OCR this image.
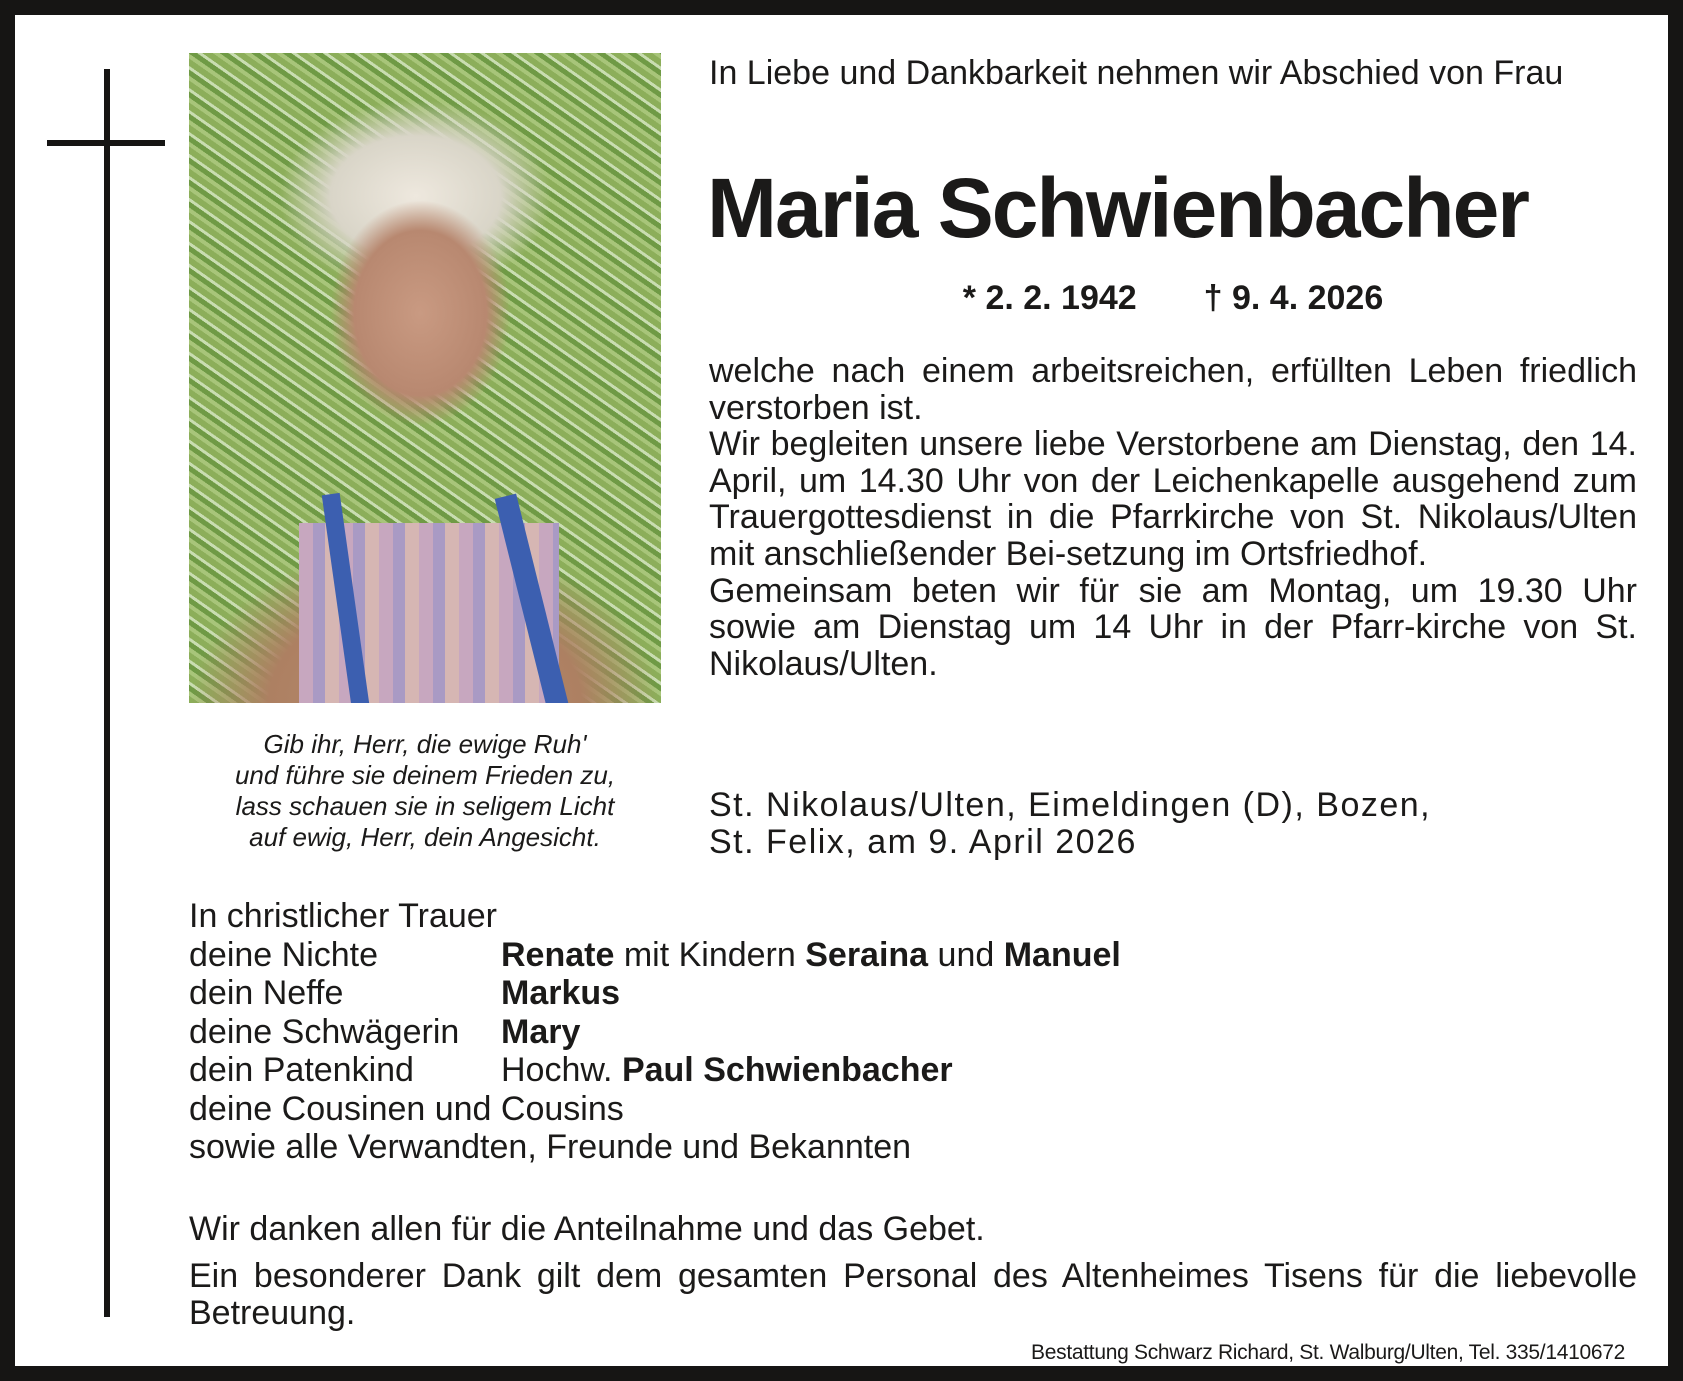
Gib ihr, Herr, die ewige Ruh'
und führe sie deinem Frieden zu,
lass schauen sie in seligem Licht
auf ewig, Herr, dein Angesicht.
In Liebe und Dankbarkeit nehmen wir Abschied von Frau
Maria Schwienbacher
* 2. 2. 1942 † 9. 4. 2026

welche nach einem arbeitsreichen, erfüllten Leben friedlich verstorben ist.

Wir begleiten unsere liebe Verstorbene am Dienstag, den 14. April, um 14.30 Uhr von der Leichenkapelle ausgehend zum Trauergottesdienst in die Pfarrkirche von St. Nikolaus/Ulten mit anschließender Bei-setzung im Ortsfriedhof.

Gemeinsam beten wir für sie am Montag, um 19.30 Uhr sowie am Dienstag um 14 Uhr in der Pfarr-kirche von St. Nikolaus/Ulten.

St. Nikolaus/Ulten, Eimeldingen (D), Bozen,
St. Felix, am 9. April 2026
In christlicher Trauer
deine Nichte	Renate mit Kindern Seraina und Manuel
dein Neffe	Markus
deine Schwägerin	Mary
dein Patenkind	Hochw. Paul Schwienbacher
deine Cousinen und Cousins
sowie alle Verwandten, Freunde und Bekannten

Wir danken allen für die Anteilnahme und das Gebet.

Ein besonderer Dank gilt dem gesamten Personal des Altenheimes Tisens für die liebevolle Betreuung.

Bestattung Schwarz Richard, St. Walburg/Ulten, Tel. 335/1410672
